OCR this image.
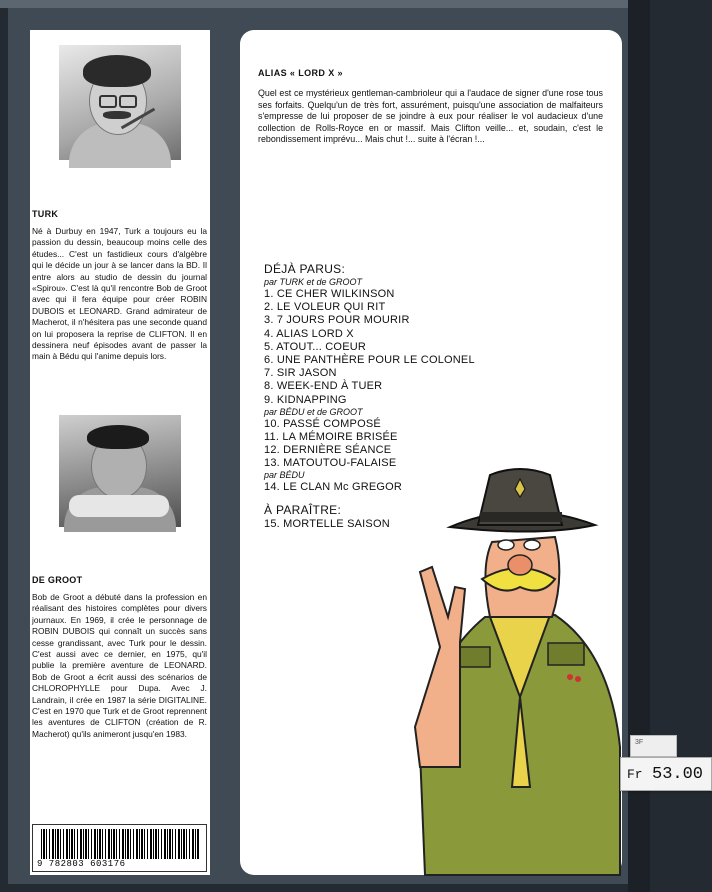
TURK
Né à Durbuy en 1947, Turk a toujours eu la passion du dessin, beaucoup moins celle des études... C'est un fastidieux cours d'algèbre qui le décide un jour à se lancer dans la BD. Il entre alors au studio de dessin du journal «Spirou». C'est là qu'il rencontre Bob de Groot avec qui il fera équipe pour créer ROBIN DUBOIS et LEONARD. Grand admirateur de Macherot, il n'hésitera pas une seconde quand on lui proposera la reprise de CLIFTON. Il en dessinera neuf épisodes avant de passer la main à Bédu qui l'anime depuis lors.
DE GROOT
Bob de Groot a débuté dans la profession en réalisant des histoires complètes pour divers journaux. En 1969, il crée le personnage de ROBIN DUBOIS qui connaît un succès sans cesse grandissant, avec Turk pour le dessin. C'est aussi avec ce dernier, en 1975, qu'il publie la première aventure de LEONARD. Bob de Groot a écrit aussi des scénarios de CHLOROPHYLLE pour Dupa. Avec J. Landrain, il crée en 1987 la série DIGITALINE. C'est en 1970 que Turk et de Groot reprennent les aventures de CLIFTON (création de R. Macherot) qu'ils animeront jusqu'en 1983.
9 782803 603176
ALIAS « LORD X »
Quel est ce mystérieux gentleman-cambrioleur qui a l'audace de signer d'une rose tous ses forfaits. Quelqu'un de très fort, assurément, puisqu'une association de malfaiteurs s'empresse de lui proposer de se joindre à eux pour réaliser le vol audacieux d'une collection de Rolls-Royce en or massif. Mais Clifton veille... et, soudain, c'est le rebondissement imprévu... Mais chut !... suite à l'écran !...
DÉJÀ PARUS:
par TURK et de GROOT
1. CE CHER WILKINSON
2. LE VOLEUR QUI RIT
3. 7 JOURS POUR MOURIR
4. ALIAS LORD X
5. ATOUT... COEUR
6. UNE PANTHÈRE POUR LE COLONEL
7. SIR JASON
8. WEEK-END À TUER
9. KIDNAPPING
par BÉDU et de GROOT
10. PASSÉ COMPOSÉ
11. LA MÉMOIRE BRISÉE
12. DERNIÈRE SÉANCE
13. MATOUTOU-FALAISE
par BÉDU
14. LE CLAN Mc GREGOR
À PARAÎTRE:
15. MORTELLE SAISON
3F
Fr 53.00
